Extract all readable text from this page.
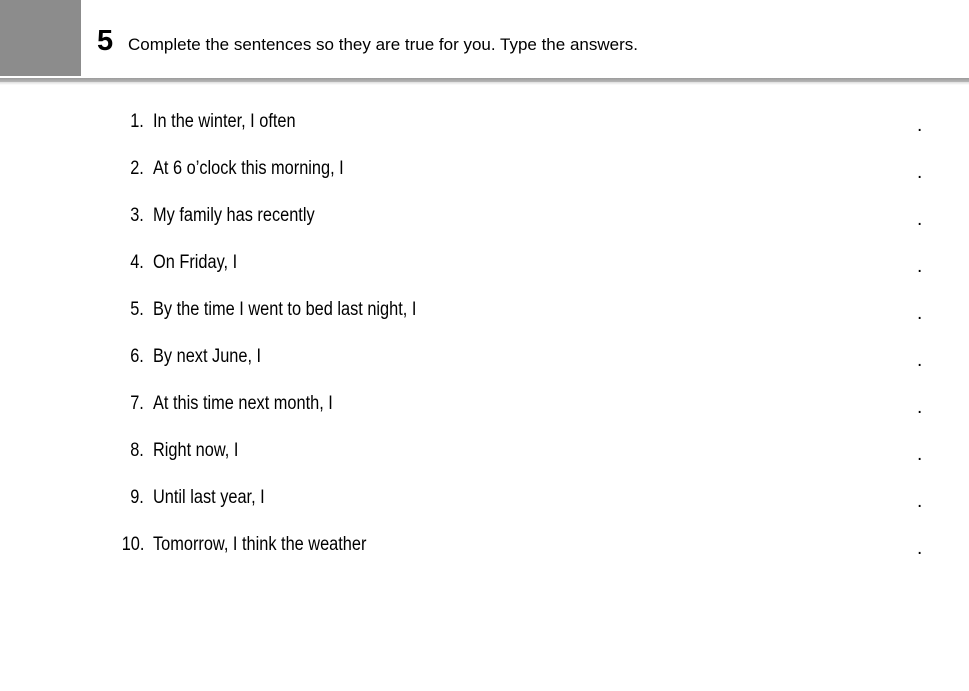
5 Complete the sentences so they are true for you. Type the answers.
1. In the winter, I often	.
2. At 6 o’clock this morning, I	.
3. My family has recently	.
4. On Friday, I	.
5. By the time I went to bed last night, I	.
6. By next June, I	.
7. At this time next month, I	.
8. Right now, I	.
9. Until last year, I	.
10. Tomorrow, I think the weather	.
